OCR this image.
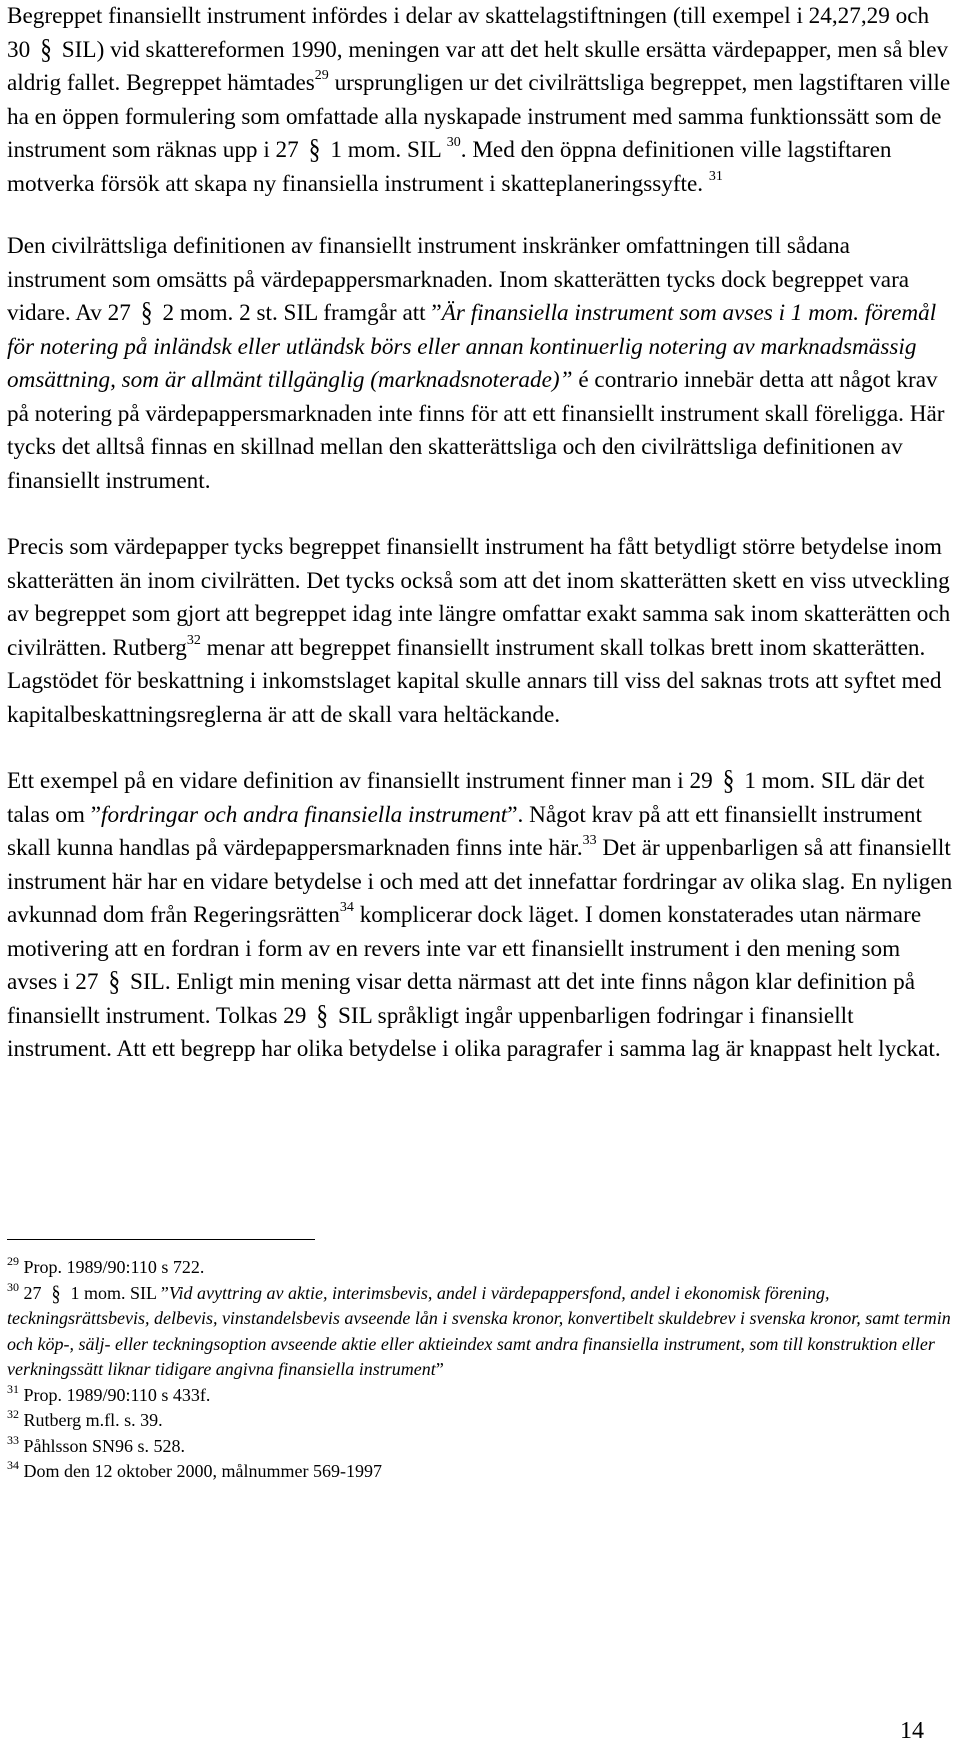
Begreppet finansiellt instrument infördes i delar av skattelagstiftningen (till exempel i 24,27,29 och 30 § SIL) vid skattereformen 1990, meningen var att det helt skulle ersätta värdepapper, men så blev aldrig fallet. Begreppet hämtades$^{29}$ ursprungligen ur det civilrättsliga begreppet, men lagstiftaren ville ha en öppen formulering som omfattade alla nyskapade instrument med samma funktionssätt som de instrument som räknas upp i 27 § 1 mom. SIL $^{30}$. Med den öppna definitionen ville lagstiftaren motverka försök att skapa ny finansiella instrument i skatteplaneringssyfte. $^{31}$

Den civilrättsliga definitionen av finansiellt instrument inskränker omfattningen till sådana instrument som omsätts på värdepappersmarknaden. Inom skatterätten tycks dock begreppet vara vidare. Av 27 § 2 mom. 2 st. SIL framgår att ”Är finansiella instrument som avses i 1 mom. föremål för notering på inländsk eller utländsk börs eller annan kontinuerlig notering av marknadsmässig omsättning, som är allmänt tillgänglig (marknadsnoterade)” é contrario innebär detta att något krav på notering på värdepappersmarknaden inte finns för att ett finansiellt instrument skall föreligga. Här tycks det alltså finnas en skillnad mellan den skatterättsliga och den civilrättsliga definitionen av finansiellt instrument.

Precis som värdepapper tycks begreppet finansiellt instrument ha fått betydligt större betydelse inom skatterätten än inom civilrätten. Det tycks också som att det inom skatterätten skett en viss utveckling av begreppet som gjort att begreppet idag inte längre omfattar exakt samma sak inom skatterätten och civilrätten. Rutberg$^{32}$ menar att begreppet finansiellt instrument skall tolkas brett inom skatterätten. Lagstödet för beskattning i inkomstslaget kapital skulle annars till viss del saknas trots att syftet med kapitalbeskattningsreglerna är att de skall vara heltäckande.

Ett exempel på en vidare definition av finansiellt instrument finner man i 29 § 1 mom. SIL där det talas om ”fordringar och andra finansiella instrument”. Något krav på att ett finansiellt instrument skall kunna handlas på värdepappersmarknaden finns inte här.$^{33}$ Det är uppenbarligen så att finansiellt instrument här har en vidare betydelse i och med att det innefattar fordringar av olika slag. En nyligen avkunnad dom från Regeringsrätten$^{34}$ komplicerar dock läget. I domen konstaterades utan närmare motivering att en fordran i form av en revers inte var ett finansiellt instrument i den mening som avses i 27 § SIL. Enligt min mening visar detta närmast att det inte finns någon klar definition på finansiellt instrument. Tolkas 29 § SIL språkligt ingår uppenbarligen fodringar i finansiellt instrument. Att ett begrepp har olika betydelse i olika paragrafer i samma lag är knappast helt lyckat.

$^{29}$ Prop. 1989/90:110 s 722.

$^{30}$ 27 § 1 mom. SIL ”Vid avyttring av aktie, interimsbevis, andel i värdepappersfond, andel i ekonomisk förening, teckningsrättsbevis, delbevis, vinstandelsbevis avseende lån i svenska kronor, konvertibelt skuldebrev i svenska kronor, samt termin och köp-, sälj- eller teckningsoption avseende aktie eller aktieindex samt andra finansiella instrument, som till konstruktion eller verkningssätt liknar tidigare angivna finansiella instrument”

$^{31}$ Prop. 1989/90:110 s 433f.

$^{32}$ Rutberg m.fl. s. 39.

$^{33}$ Påhlsson SN96 s. 528.

$^{34}$ Dom den 12 oktober 2000, målnummer 569-1997

14
